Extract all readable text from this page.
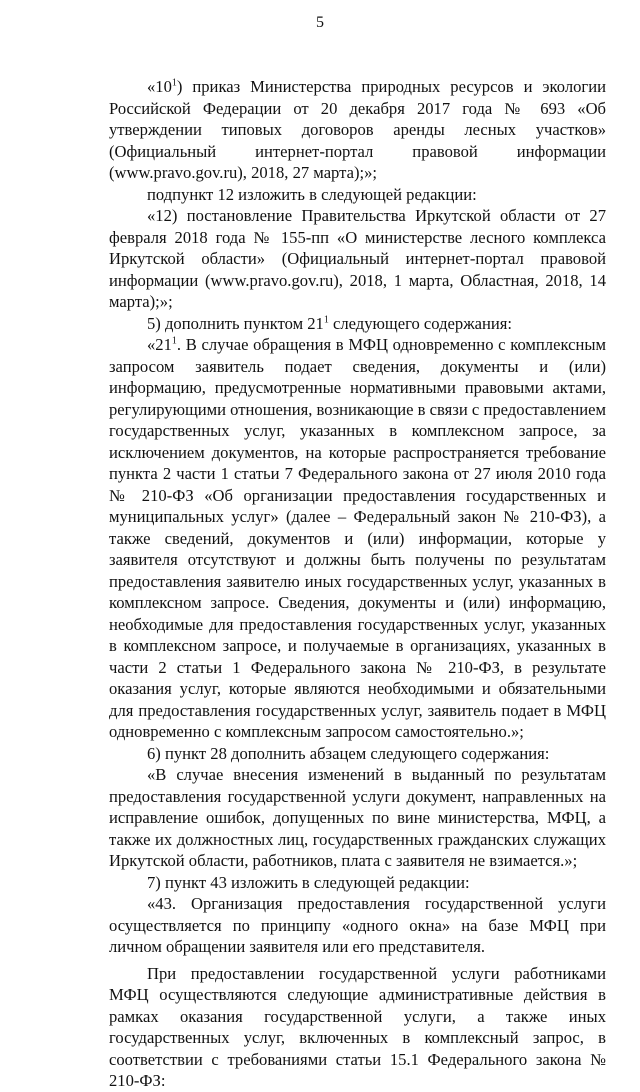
5

«$10^1$) приказ Министерства природных ресурсов и экологии Российской Федерации от 20 декабря 2017 года № 693 «Об утверждении типовых договоров аренды лесных участков» (Официальный интернет-портал правовой информации (www.pravo.gov.ru), 2018, 27 марта);»;

подпункт 12 изложить в следующей редакции:

«12) постановление Правительства Иркутской области от 27 февраля 2018 года № 155-пп «О министерстве лесного комплекса Иркутской области» (Официальный интернет-портал правовой информации (www.pravo.gov.ru), 2018, 1 марта, Областная, 2018, 14 марта);»;

5) дополнить пунктом $21^1$ следующего содержания:

«$21^1$. В случае обращения в МФЦ одновременно с комплексным запросом заявитель подает сведения, документы и (или) информацию, предусмотренные нормативными правовыми актами, регулирующими отношения, возникающие в связи с предоставлением государственных услуг, указанных в комплексном запросе, за исключением документов, на которые распространяется требование пункта 2 части 1 статьи 7 Федерального закона от 27 июля 2010 года № 210-ФЗ «Об организации предоставления государственных и муниципальных услуг» (далее – Федеральный закон № 210-ФЗ), а также сведений, документов и (или) информации, которые у заявителя отсутствуют и должны быть получены по результатам предоставления заявителю иных государственных услуг, указанных в комплексном запросе. Сведения, документы и (или) информацию, необходимые для предоставления государственных услуг, указанных в комплексном запросе, и получаемые в организациях, указанных в части 2 статьи 1 Федерального закона № 210-ФЗ, в результате оказания услуг, которые являются необходимыми и обязательными для предоставления государственных услуг, заявитель подает в МФЦ одновременно с комплексным запросом самостоятельно.»;

6) пункт 28 дополнить абзацем следующего содержания:

«В случае внесения изменений в выданный по результатам предоставления государственной услуги документ, направленных на исправление ошибок, допущенных по вине министерства, МФЦ, а также их должностных лиц, государственных гражданских служащих Иркутской области, работников, плата с заявителя не взимается.»;

7) пункт 43 изложить в следующей редакции:

«43. Организация предоставления государственной услуги осуществляется по принципу «одного окна» на базе МФЦ при личном обращении заявителя или его представителя.

При предоставлении государственной услуги работниками МФЦ осуществляются следующие административные действия в рамках оказания государственной услуги, а также иных государственных услуг, включенных в комплексный запрос, в соответствии с требованиями статьи 15.1 Федерального закона № 210-ФЗ:
